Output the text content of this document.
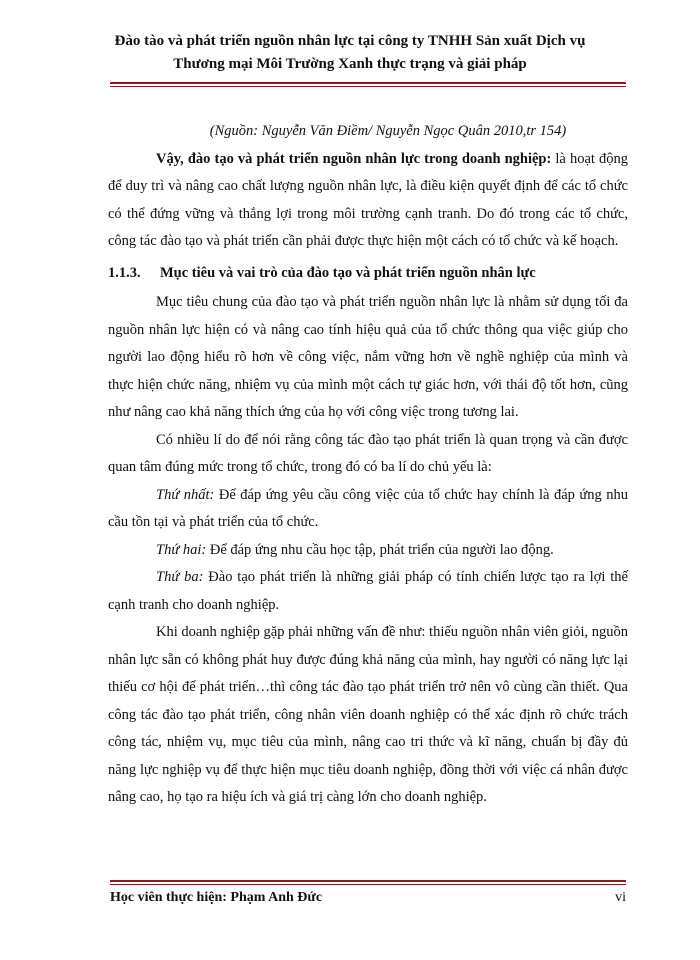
Đào tào và phát triển nguồn nhân lực tại công ty TNHH Sản xuất Dịch vụ
Thương mại Môi Trường Xanh thực trạng và giải pháp

(Nguồn: Nguyễn Văn Điềm/ Nguyễn Ngọc Quân 2010,tr 154)

Vậy, đào tạo và phát triển nguồn nhân lực trong doanh nghiệp: là hoạt động để duy trì và nâng cao chất lượng nguồn nhân lực, là điều kiện quyết định để các tổ chức có thể đứng vững và thắng lợi trong môi trường cạnh tranh. Do đó trong các tổ chức, công tác đào tạo và phát triển cần phải được thực hiện một cách có tổ chức và kế hoạch.

1.1.3. Mục tiêu và vai trò của đào tạo và phát triển nguồn nhân lực

Mục tiêu chung của đào tạo và phát triển nguồn nhân lực là nhằm sử dụng tối đa nguồn nhân lực hiện có và nâng cao tính hiệu quả của tổ chức thông qua việc giúp cho người lao động hiểu rõ hơn về công việc, nắm vững hơn về nghề nghiệp của mình và thực hiện chức năng, nhiệm vụ của mình một cách tự giác hơn, với thái độ tốt hơn, cũng như nâng cao khả năng thích ứng của họ với công việc trong tương lai.

Có nhiều lí do để nói rằng công tác đào tạo phát triển là quan trọng và cần được quan tâm đúng mức trong tổ chức, trong đó có ba lí do chủ yếu là:

Thứ nhất: Để đáp ứng yêu cầu công việc của tổ chức hay chính là đáp ứng nhu cầu tồn tại và phát triển của tổ chức.

Thứ hai: Để đáp ứng nhu cầu học tập, phát triển của người lao động.

Thứ ba: Đào tạo phát triển là những giải pháp có tính chiến lược tạo ra lợi thế cạnh tranh cho doanh nghiệp.

Khi doanh nghiệp gặp phải những vấn đề như: thiếu nguồn nhân viên giỏi, nguồn nhân lực sẵn có không phát huy được đúng khả năng của mình, hay người có năng lực lại thiếu cơ hội để phát triển…thì công tác đào tạo phát triển trở nên vô cùng cần thiết. Qua công tác đào tạo phát triển, công nhân viên doanh nghiệp có thể xác định rõ chức trách công tác, nhiệm vụ, mục tiêu của mình, nâng cao tri thức và kĩ năng, chuẩn bị đầy đủ năng lực nghiệp vụ để thực hiện mục tiêu doanh nghiệp, đồng thời với việc cá nhân được nâng cao, họ tạo ra hiệu ích và giá trị càng lớn cho doanh nghiệp.

Học viên thực hiện: Phạm Anh Đức	vi
